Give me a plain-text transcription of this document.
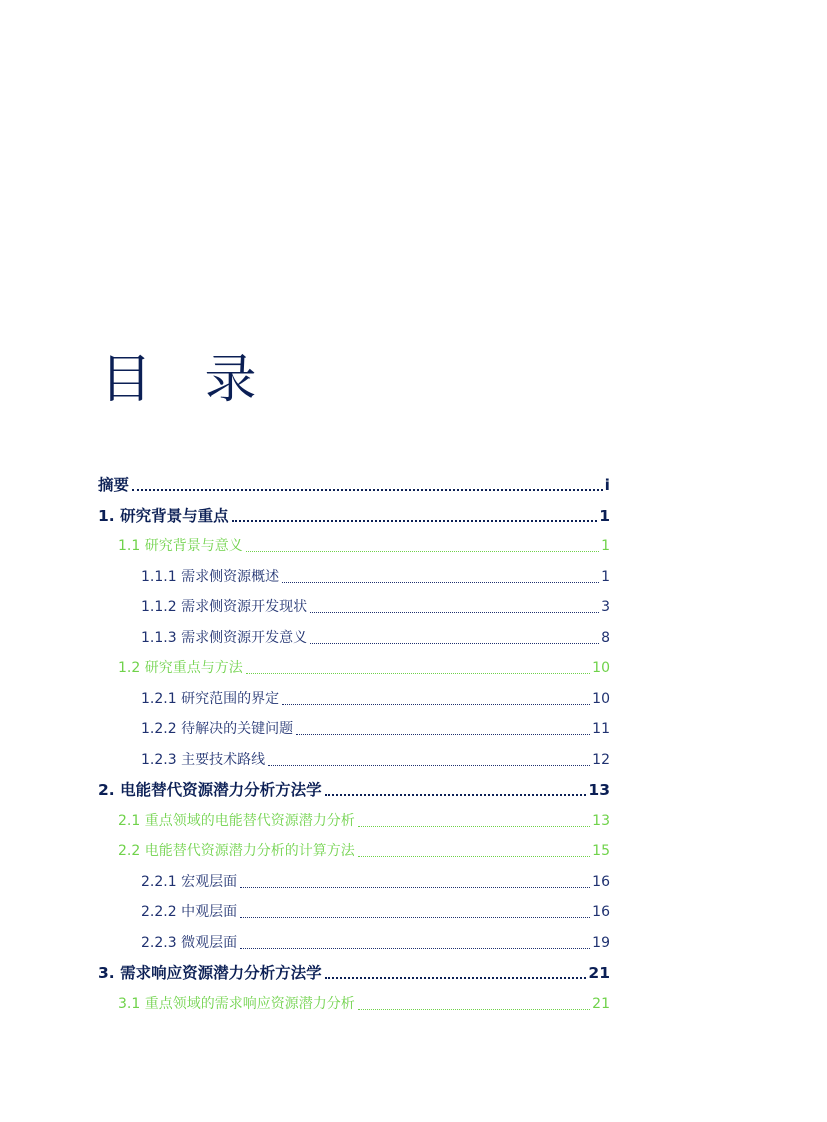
目 录
摘要	i
1. 研究背景与重点	1
1.1 研究背景与意义	1
1.1.1 需求侧资源概述	1
1.1.2 需求侧资源开发现状	3
1.1.3 需求侧资源开发意义	8
1.2 研究重点与方法	10
1.2.1 研究范围的界定	10
1.2.2 待解决的关键问题	11
1.2.3 主要技术路线	12
2. 电能替代资源潜力分析方法学	13
2.1 重点领域的电能替代资源潜力分析	13
2.2 电能替代资源潜力分析的计算方法	15
2.2.1 宏观层面	16
2.2.2 中观层面	16
2.2.3 微观层面	19
3. 需求响应资源潜力分析方法学	21
3.1 重点领域的需求响应资源潜力分析	21
